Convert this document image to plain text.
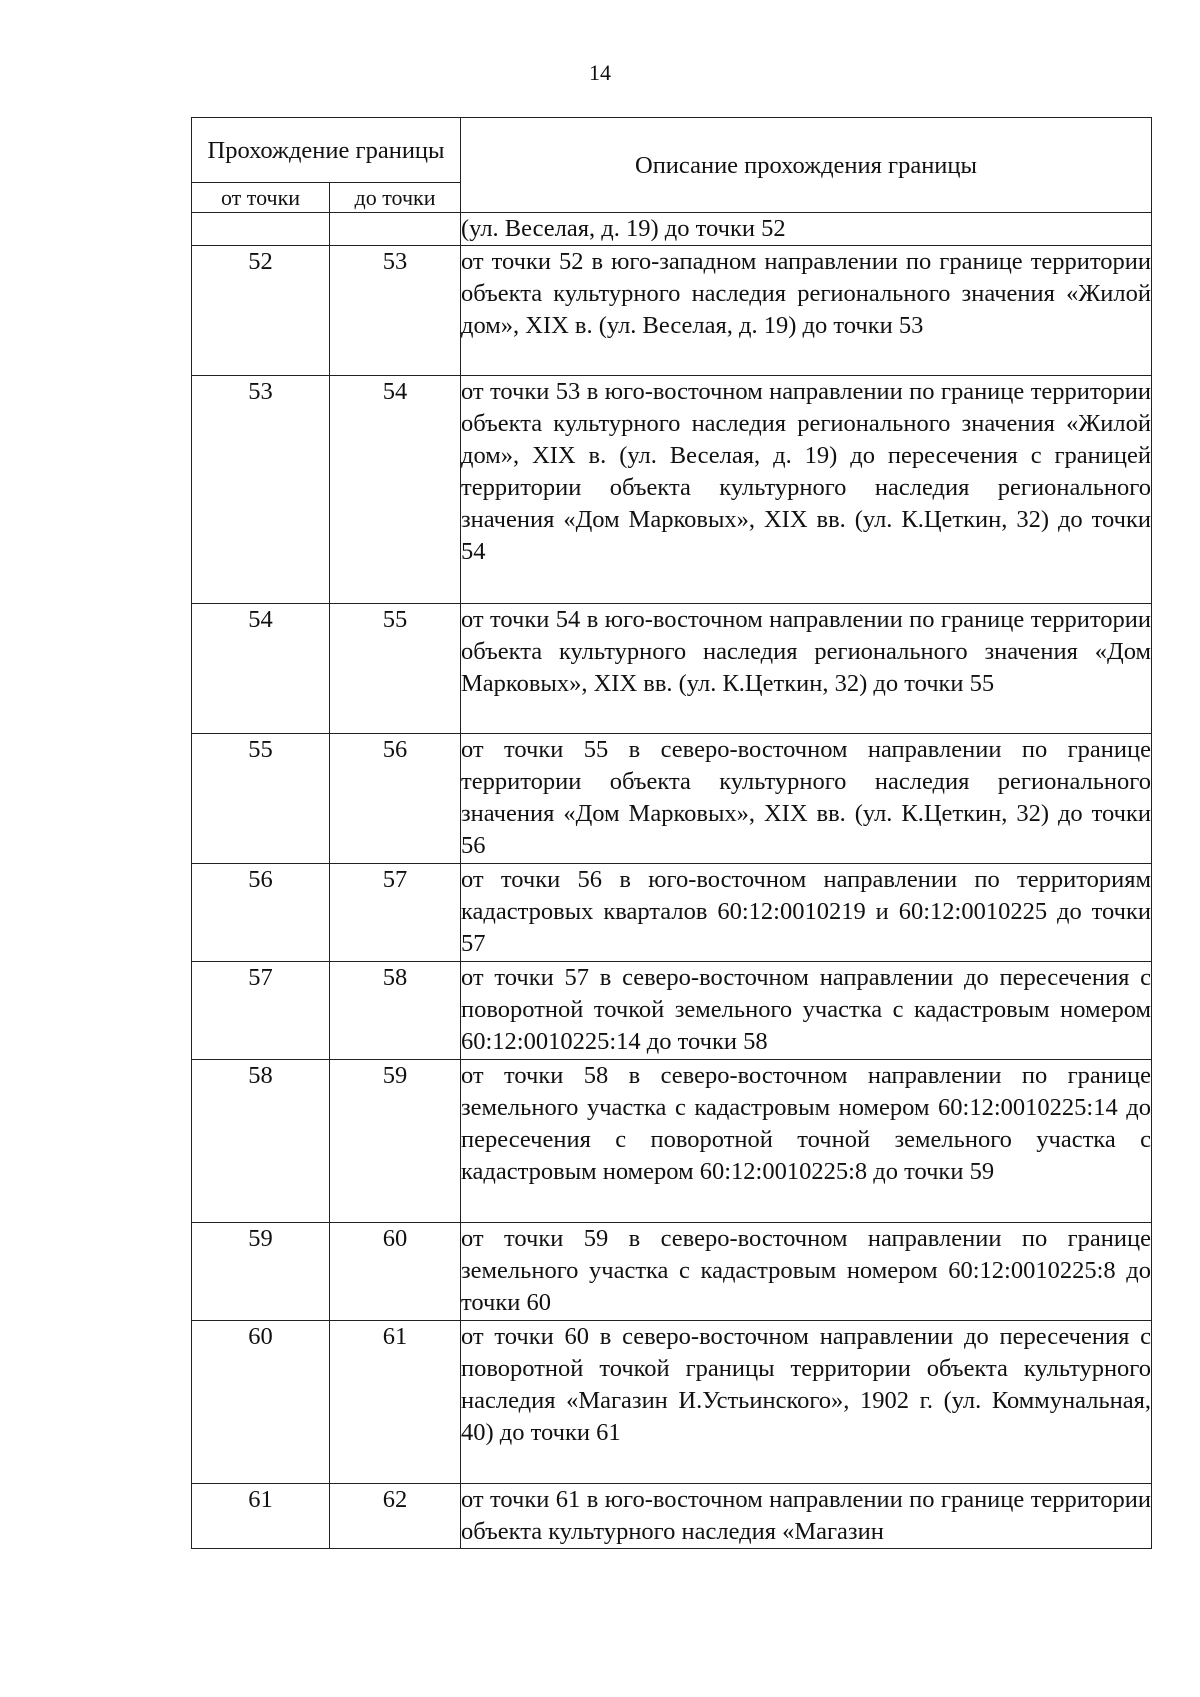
14
Прохождение границы		Описание прохождения границы
от точки	до точки	
		(ул. Веселая, д. 19) до точки 52
52	53	от точки 52 в юго-западном направлении по границе территории объекта культурного наследия регионального значения «Жилой дом», XIX в. (ул. Веселая, д. 19) до точки 53
53	54	от точки 53 в юго-восточном направлении по границе территории объекта культурного наследия регионального значения «Жилой дом», XIX в. (ул. Веселая, д. 19) до пересечения с границей территории объекта культурного наследия регионального значения «Дом Марковых», XIX вв. (ул. К.Цеткин, 32) до точки 54
54	55	от точки 54 в юго-восточном направлении по границе территории объекта культурного наследия регионального значения «Дом Марковых», XIX вв. (ул. К.Цеткин, 32) до точки 55
55	56	от точки 55 в северо-восточном направлении по границе территории объекта культурного наследия регионального значения «Дом Марковых», XIX вв. (ул. К.Цеткин, 32) до точки 56
56	57	от точки 56 в юго-восточном направлении по территориям кадастровых кварталов 60:12:0010219 и 60:12:0010225 до точки 57
57	58	от точки 57 в северо-восточном направлении до пересечения с поворотной точкой земельного участка с кадастровым номером 60:12:0010225:14 до точки 58
58	59	от точки 58 в северо-восточном направлении по границе земельного участка с кадастровым номером 60:12:0010225:14 до пересечения с поворотной точной земельного участка с кадастровым номером 60:12:0010225:8 до точки 59
59	60	от точки 59 в северо-восточном направлении по границе земельного участка с кадастровым номером 60:12:0010225:8 до точки 60
60	61	от точки 60 в северо-восточном направлении до пересечения с поворотной точкой границы территории объекта культурного наследия «Магазин И.Устьинского», 1902 г. (ул. Коммунальная, 40) до точки 61
61	62	от точки 61 в юго-восточном направлении по границе территории объекта культурного наследия «Магазин
